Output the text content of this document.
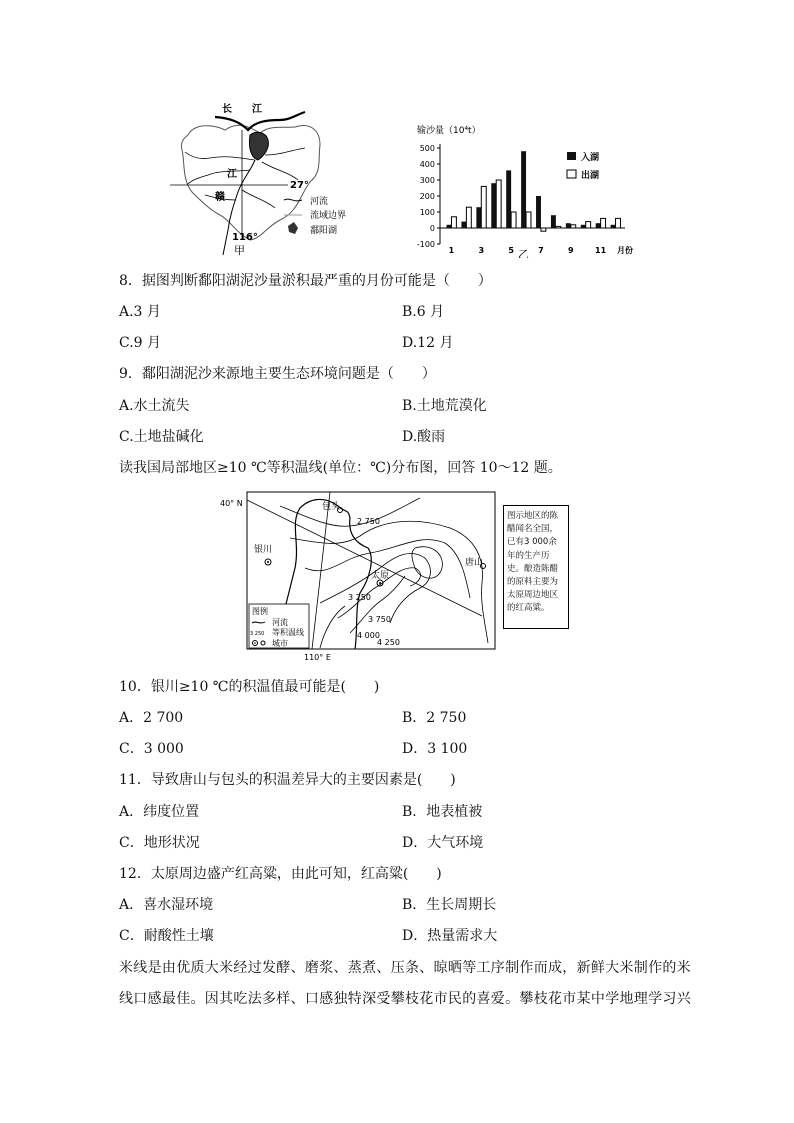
长 江
江
赣
27°
116°
甲
河流
流域边界
鄱阳湖
输沙量（10⁴t）
500
400
300
200
100
0
-100
1	3	5	7	9	11 月份
入湖
出湖
乙
8．据图判断鄱阳湖泥沙量淤积最严重的月份可能是（　　）
A.3 月	B.6 月
C.9 月	D.12 月
9．鄱阳湖泥沙来源地主要生态环境问题是（　　）
A.水土流失	B.土地荒漠化
C.土地盐碱化	D.酸雨
读我国局部地区≥10 ℃等积温线(单位：℃)分布图，回答 10～12 题。
40° N
110° E
包头
银川
太原
唐山
2 750
3 250
3 750
4 000
4 250
图例
河流
3 250 等积温线
城市
图示地区的陈醋闻名全国，已有3 000余年的生产历史。酿造陈醋的原料主要为太原周边地区的红高粱。
10．银川≥10 ℃的积温值最可能是(　　)
A．2 700	B．2 750
C．3 000	D．3 100
11．导致唐山与包头的积温差异大的主要因素是(　　)
A．纬度位置	B．地表植被
C．地形状况	D．大气环境
12．太原周边盛产红高粱，由此可知，红高粱(　　)
A．喜水湿环境	B．生长周期长
C．耐酸性土壤	D．热量需求大
米线是由优质大米经过发酵、磨浆、蒸煮、压条、晾晒等工序制作而成，新鲜大米制作的米
线口感最佳。因其吃法多样、口感独特深受攀枝花市民的喜爱。攀枝花市某中学地理学习兴
